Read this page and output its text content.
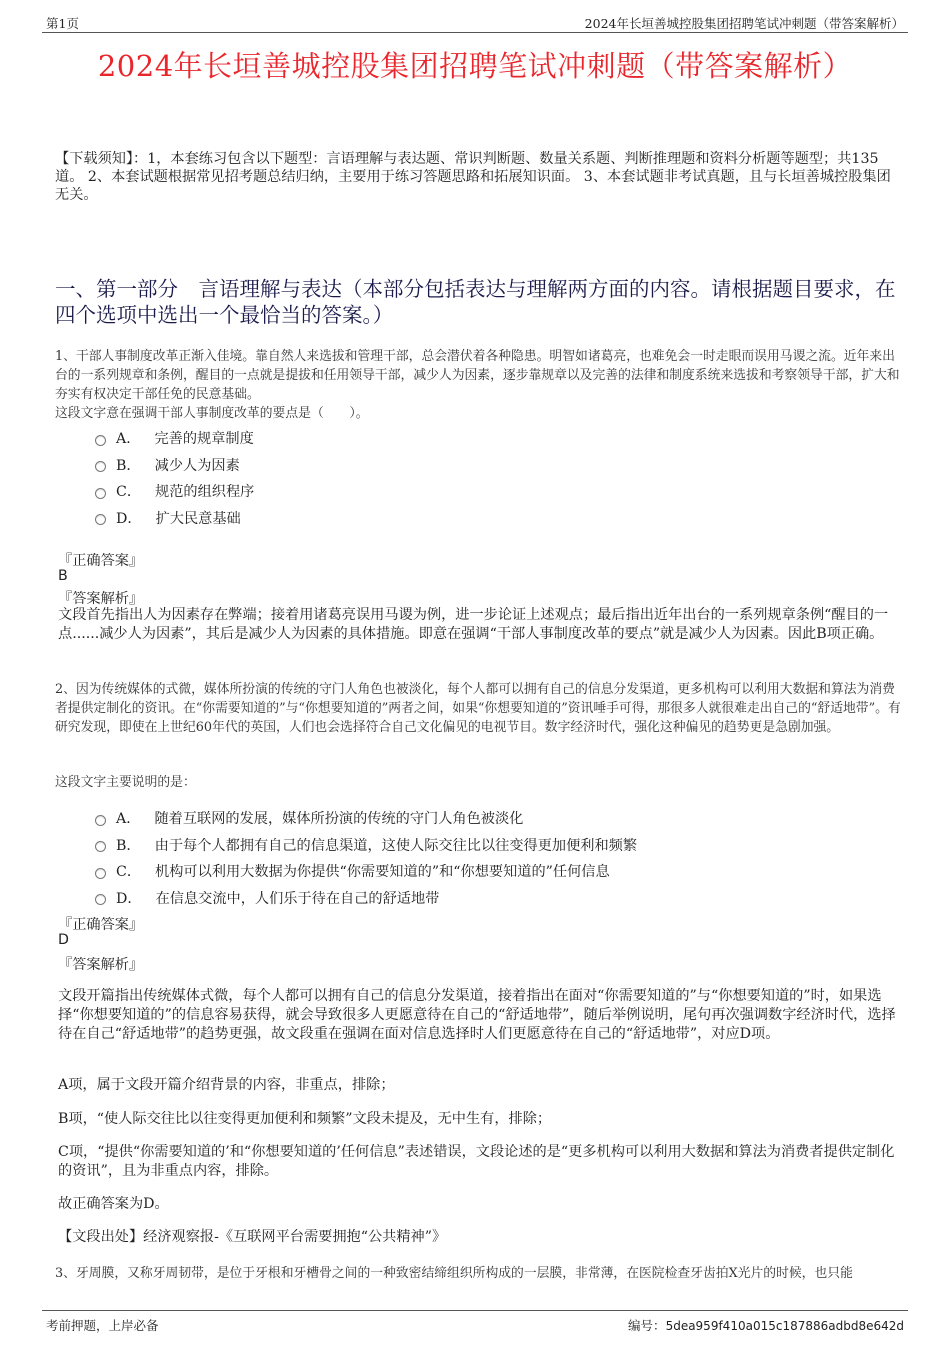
第1页	2024年长垣善城控股集团招聘笔试冲刺题（带答案解析）
2024年长垣善城控股集团招聘笔试冲刺题（带答案解析）
【下载须知】：1，本套练习包含以下题型：言语理解与表达题、常识判断题、数量关系题、判断推理题和资料分析题等题型；共135道。 2、本套试题根据常见招考题总结归纳，主要用于练习答题思路和拓展知识面。 3、本套试题非考试真题，且与长垣善城控股集团无关。
一、第一部分　言语理解与表达（本部分包括表达与理解两方面的内容。请根据题目要求，在四个选项中选出一个最恰当的答案。）
1、干部人事制度改革正渐入佳境。靠自然人来选拔和管理干部，总会潜伏着各种隐患。明智如诸葛亮，也难免会一时走眼而误用马谡之流。近年来出台的一系列规章和条例，醒目的一点就是提拔和任用领导干部，减少人为因素，逐步靠规章以及完善的法律和制度系统来选拔和考察领导干部，扩大和夯实有权决定干部任免的民意基础。
这段文字意在强调干部人事制度改革的要点是（　　）。
A． 完善的规章制度
B． 减少人为因素
C． 规范的组织程序
D． 扩大民意基础
『正确答案』
B
『答案解析』
文段首先指出人为因素存在弊端；接着用诸葛亮误用马谡为例，进一步论证上述观点；最后指出近年出台的一系列规章条例“醒目的一点......减少人为因素”，其后是减少人为因素的具体措施。即意在强调“干部人事制度改革的要点”就是减少人为因素。因此B项正确。
2、因为传统媒体的式微，媒体所扮演的传统的守门人角色也被淡化，每个人都可以拥有自己的信息分发渠道，更多机构可以利用大数据和算法为消费者提供定制化的资讯。在“你需要知道的”与“你想要知道的”两者之间，如果“你想要知道的”资讯唾手可得，那很多人就很难走出自己的“舒适地带”。有研究发现，即使在上世纪60年代的英国，人们也会选择符合自己文化偏见的电视节目。数字经济时代，强化这种偏见的趋势更是急剧加强。
这段文字主要说明的是：
A． 随着互联网的发展，媒体所扮演的传统的守门人角色被淡化
B． 由于每个人都拥有自己的信息渠道，这使人际交往比以往变得更加便利和频繁
C． 机构可以利用大数据为你提供“你需要知道的”和“你想要知道的”任何信息
D． 在信息交流中，人们乐于待在自己的舒适地带
『正确答案』
D
『答案解析』
文段开篇指出传统媒体式微，每个人都可以拥有自己的信息分发渠道，接着指出在面对“你需要知道的”与“你想要知道的”时，如果选择“你想要知道的”的信息容易获得，就会导致很多人更愿意待在自己的“舒适地带”，随后举例说明，尾句再次强调数字经济时代，选择待在自己“舒适地带”的趋势更强，故文段重在强调在面对信息选择时人们更愿意待在自己的“舒适地带”，对应D项。
A项，属于文段开篇介绍背景的内容，非重点，排除；
B项，“使人际交往比以往变得更加便利和频繁”文段未提及，无中生有，排除；
C项，“提供“你需要知道的’和“你想要知道的’任何信息”表述错误，文段论述的是“更多机构可以利用大数据和算法为消费者提供定制化的资讯”，且为非重点内容，排除。
故正确答案为D。
【文段出处】经济观察报-《互联网平台需要拥抱“公共精神”》
3、牙周膜，又称牙周韧带，是位于牙根和牙槽骨之间的一种致密结缔组织所构成的一层膜，非常薄，在医院检查牙齿拍X光片的时候，也只能
考前押题，上岸必备	编号：5dea959f410a015c187886adbd8e642d
